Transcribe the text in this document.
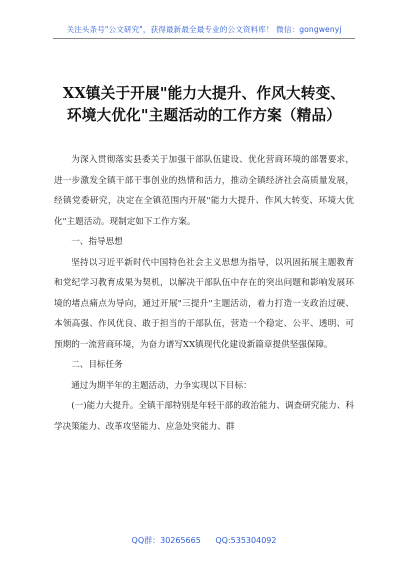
关注头条号"公文研究"，获得最新最全最专业的公文资料库！ 微信：gongwenyj
XX镇关于开展"能力大提升、作风大转变、
环境大优化"主题活动的工作方案（精品）

为深入贯彻落实县委关于加强干部队伍建设、优化营商环境的部署要求，进一步激发全镇干部干事创业的热情和活力，推动全镇经济社会高质量发展，经镇党委研究，决定在全镇范围内开展"能力大提升、作风大转变、环境大优化"主题活动。现制定如下工作方案。

一、指导思想

坚持以习近平新时代中国特色社会主义思想为指导，以巩固拓展主题教育和党纪学习教育成果为契机，以解决干部队伍中存在的突出问题和影响发展环境的堵点痛点为导向，通过开展"三提升"主题活动，着力打造一支政治过硬、本领高强、作风优良、敢于担当的干部队伍，营造一个稳定、公平、透明、可预期的一流营商环境，为奋力谱写XX镇现代化建设新篇章提供坚强保障。

二、目标任务

通过为期半年的主题活动，力争实现以下目标：

(一)能力大提升。全镇干部特别是年轻干部的政治能力、调查研究能力、科学决策能力、改革攻坚能力、应急处突能力、群

QQ群：30265665 QQ:535304092
